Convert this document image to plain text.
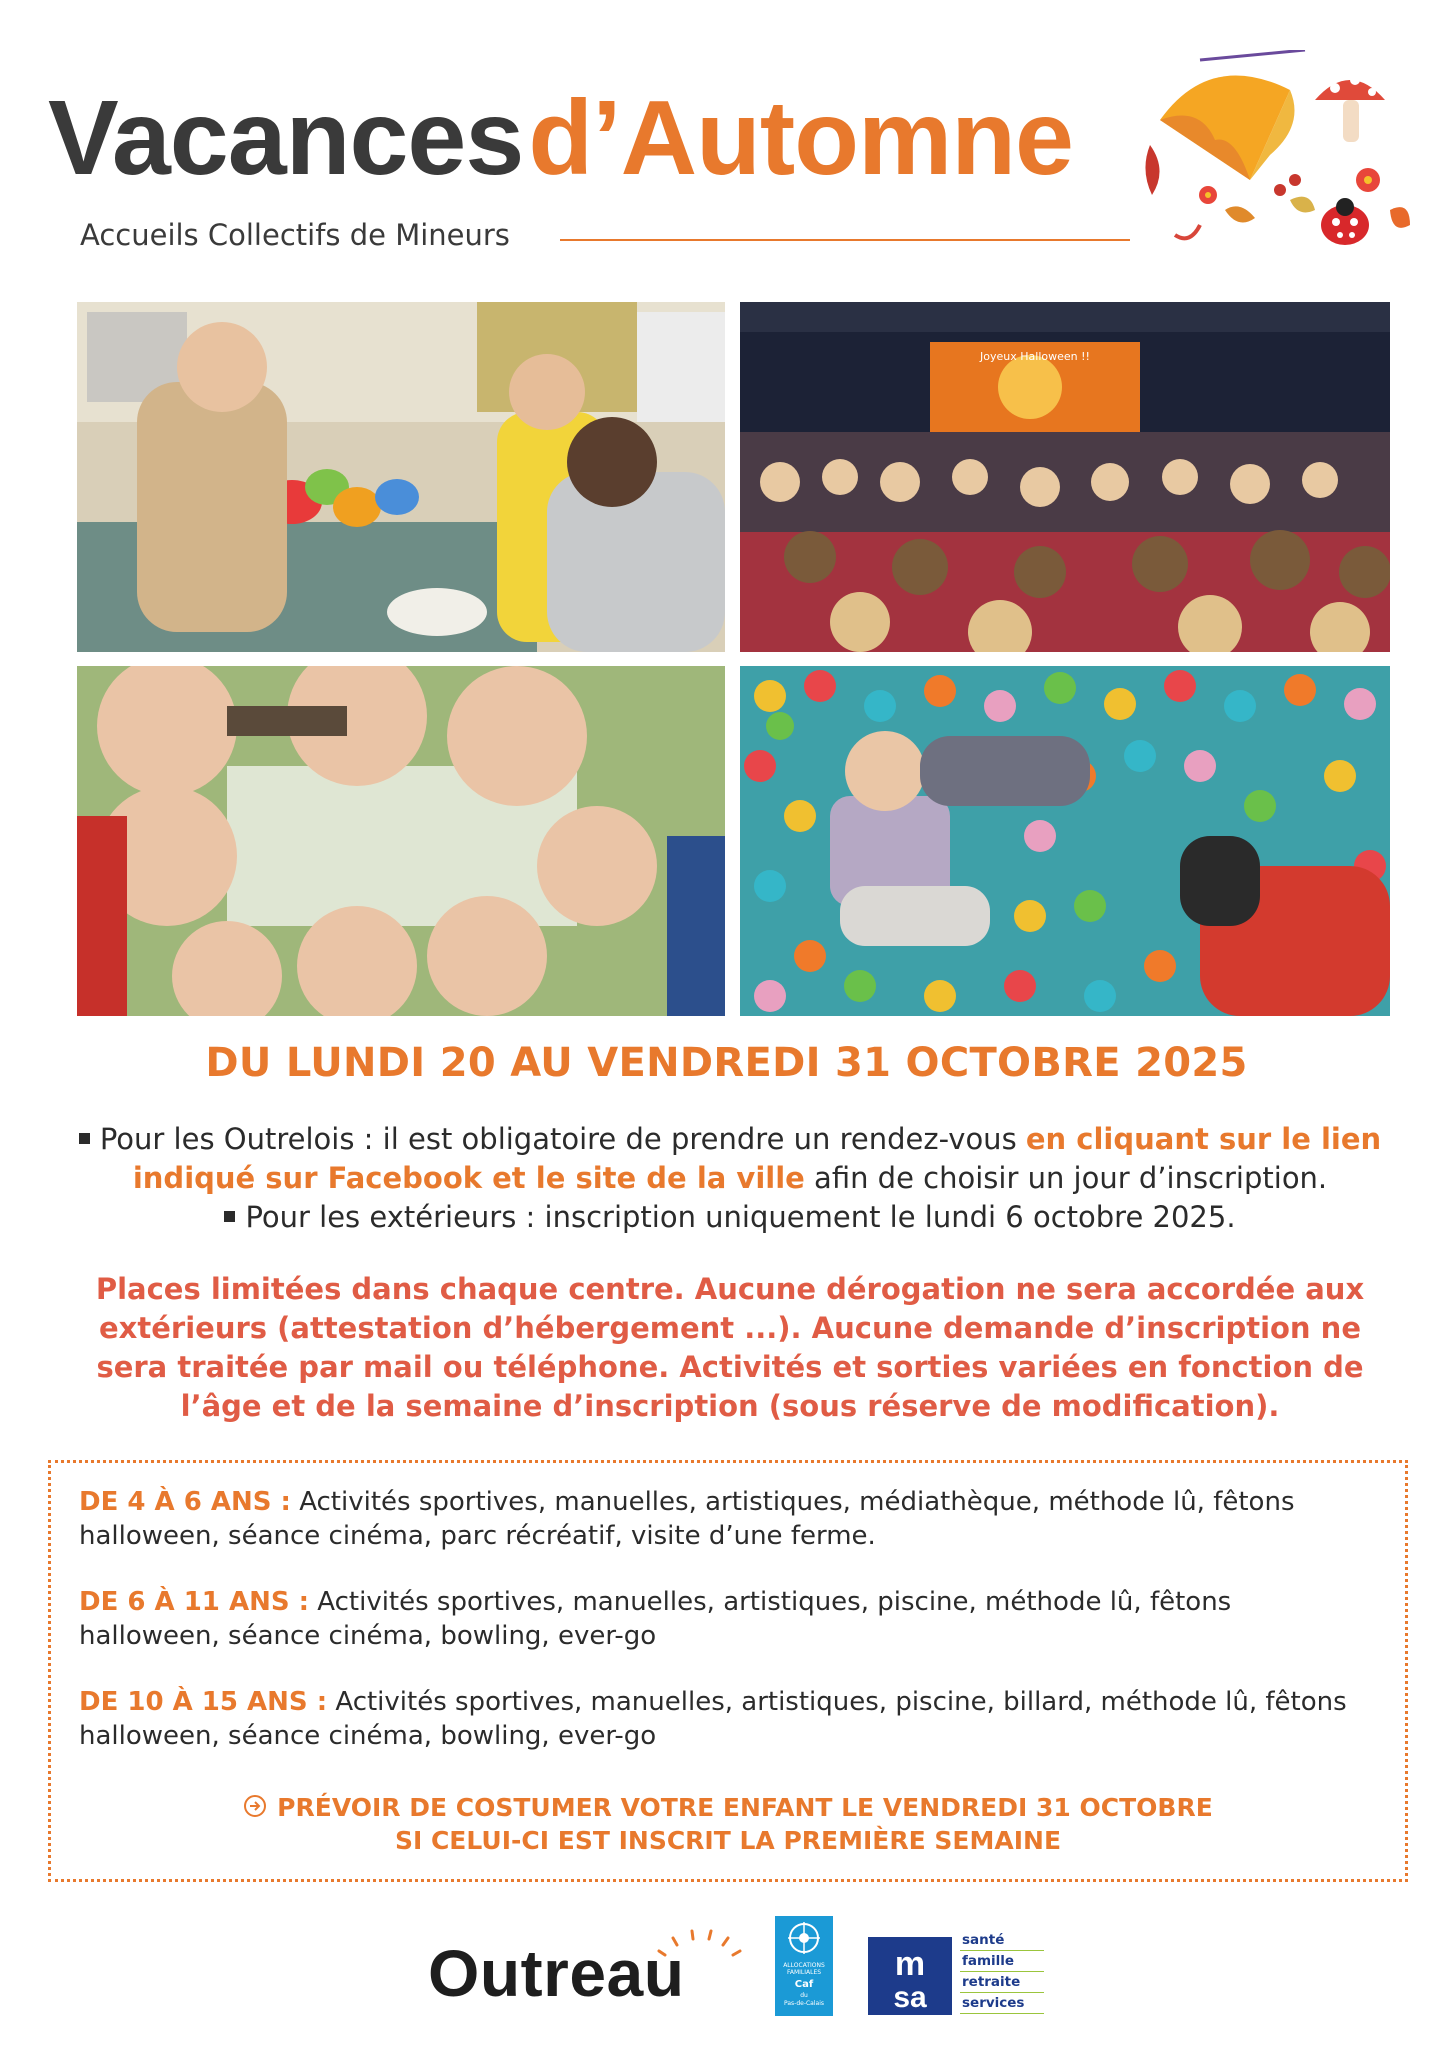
Vacances d’Automne
Accueils Collectifs de Mineurs
Joyeux Halloween !!
DU LUNDI 20 AU VENDREDI 31 OCTOBRE 2025
Pour les Outrelois : il est obligatoire de prendre un rendez-vous en cliquant sur le lien indiqué sur Facebook et le site de la ville afin de choisir un jour d’inscription.
Pour les extérieurs : inscription uniquement le lundi 6 octobre 2025.
Places limitées dans chaque centre. Aucune dérogation ne sera accordée aux extérieurs (attestation d’hébergement ...). Aucune demande d’inscription ne sera traitée par mail ou téléphone. Activités et sorties variées en fonction de l’âge et de la semaine d’inscription (sous réserve de modification).
DE 4 À 6 ANS : Activités sportives, manuelles, artistiques, médiathèque, méthode lû, fêtons halloween, séance cinéma, parc récréatif, visite d’une ferme.
DE 6 À 11 ANS : Activités sportives, manuelles, artistiques, piscine, méthode lû, fêtons halloween, séance cinéma, bowling, ever-go
DE 10 À 15 ANS : Activités sportives, manuelles, artistiques, piscine, billard, méthode lû, fêtons halloween, séance cinéma, bowling, ever-go
PRÉVOIR DE COSTUMER VOTRE ENFANT LE VENDREDI 31 OCTOBRE
SI CELUI-CI EST INSCRIT LA PREMIÈRE SEMAINE
Outreau	ALLOCATIONS
FAMILIALES
Caf
du
Pas-de-Calais
m
sa
santé
famille
retraite
services
